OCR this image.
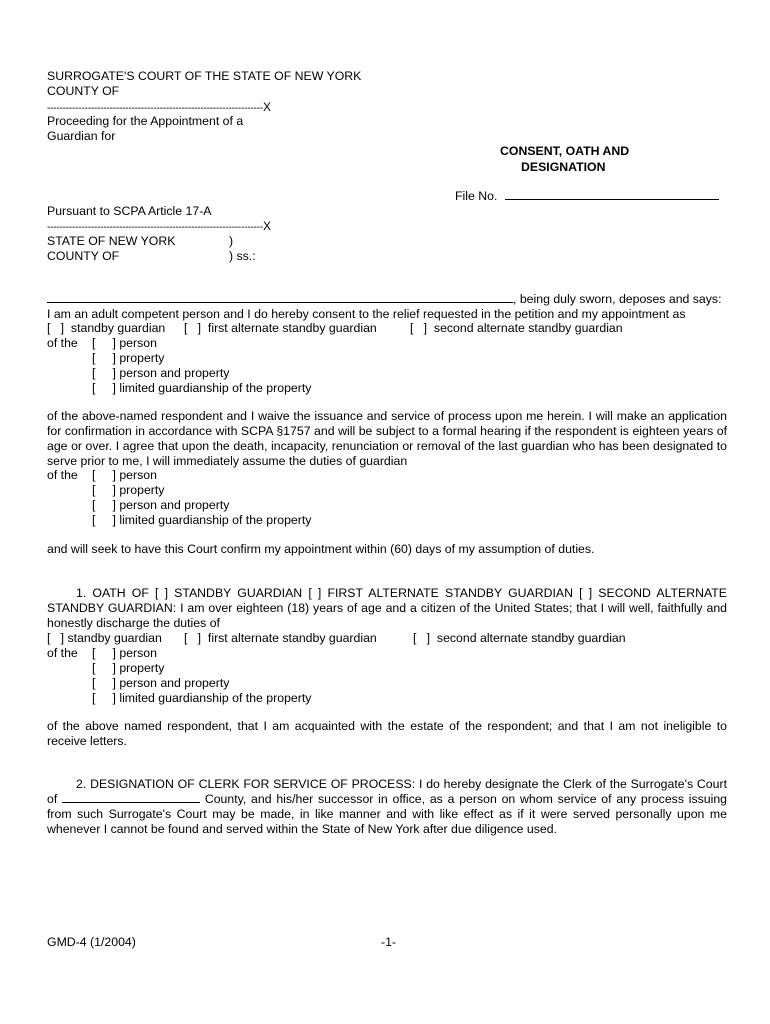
SURROGATE'S COURT OF THE STATE OF NEW YORK
COUNTY OF
---------------------------------------------------------------------X
Proceeding for the Appointment of a
Guardian for
CONSENT, OATH AND
DESIGNATION
File No.
Pursuant to SCPA Article 17-A
---------------------------------------------------------------------X
STATE OF NEW YORK	)
COUNTY OF	) ss.:
, being duly sworn, deposes and says:
I am an adult competent person and I do hereby consent to the relief requested in the petition and my appointment as
[   ]  standby guardian [   ]  first alternate standby guardian	[   ]  second alternate standby guardian
of the [     ] person
[     ] property
[     ] person and property
[     ] limited guardianship of the property
of the above-named respondent and I waive the issuance and service of process upon me herein. I will make an application for confirmation in accordance with SCPA §1757 and will be subject to a formal hearing if the respondent is eighteen years of age or over. I agree that upon the death, incapacity, renunciation or removal of the last guardian who has been designated to serve prior to me, I will immediately assume the duties of guardian
of the [     ] person
[     ] property
[     ] person and property
[     ] limited guardianship of the property
and will seek to have this Court confirm my appointment within (60) days of my assumption of duties.
1. OATH OF [ ] STANDBY GUARDIAN [ ] FIRST ALTERNATE STANDBY GUARDIAN [ ] SECOND ALTERNATE STANDBY GUARDIAN: I am over eighteen (18) years of age and a citizen of the United States; that I will well, faithfully and honestly discharge the duties of
[   ] standby guardian [   ]  first alternate standby guardian	[   ]  second alternate standby guardian
of the [     ] person
[     ] property
[     ] person and property
[     ] limited guardianship of the property
of the above named respondent, that I am acquainted with the estate of the respondent; and that I am not ineligible to receive letters.
2. DESIGNATION OF CLERK FOR SERVICE OF PROCESS: I do hereby designate the Clerk of the Surrogate's Court of	County, and his/her successor in office, as a person on whom service of any process issuing from such Surrogate's Court may be made, in like manner and with like effect as if it were served personally upon me whenever I cannot be found and served within the State of New York after due diligence used.
GMD-4 (1/2004)	-1-
